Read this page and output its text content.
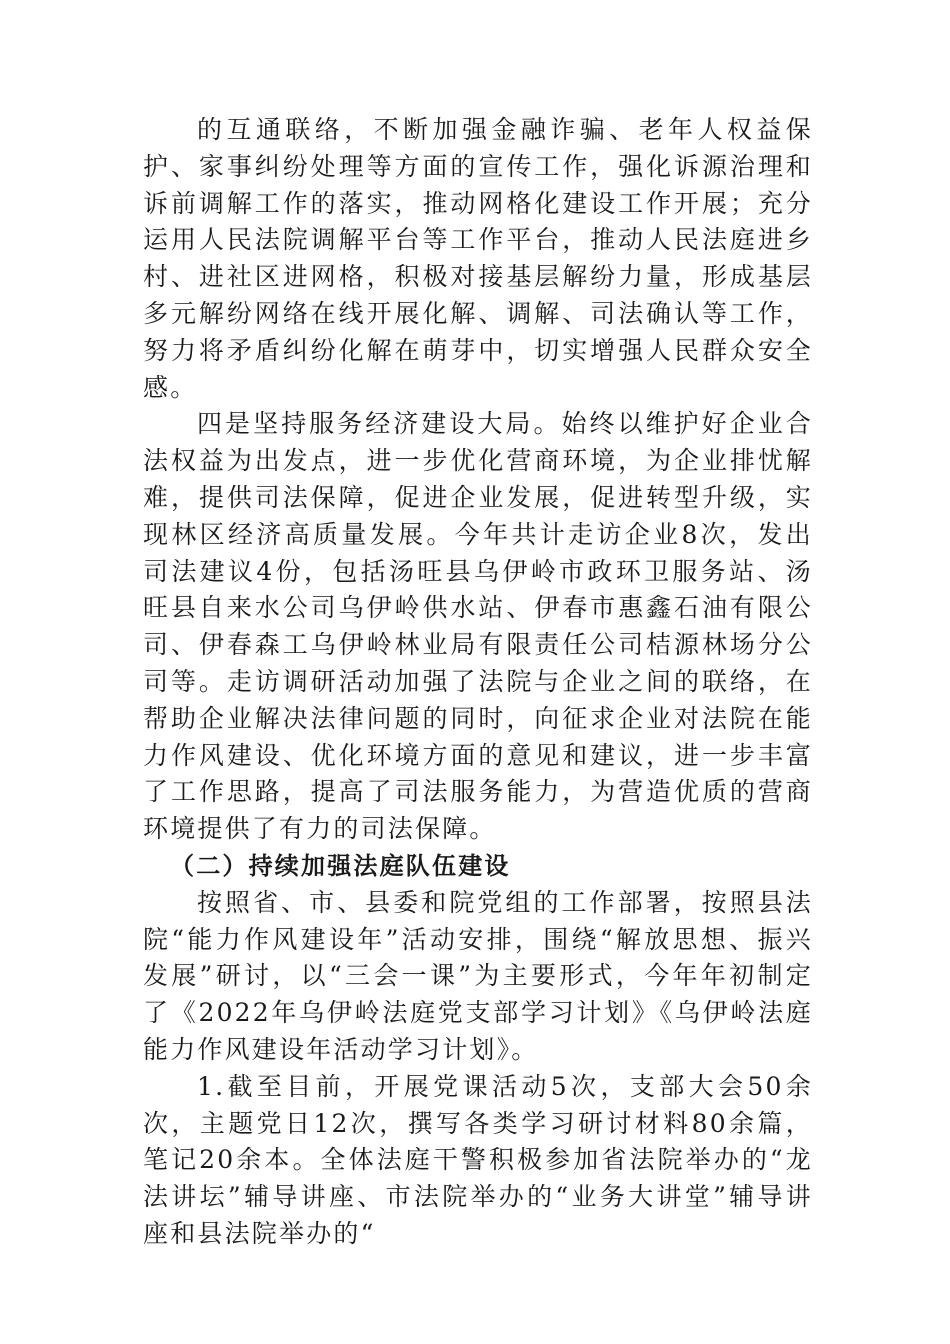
的互通联络，不断加强金融诈骗、老年人权益保护、家事纠纷处理等方面的宣传工作，强化诉源治理和诉前调解工作的落实，推动网格化建设工作开展；充分运用人民法院调解平台等工作平台，推动人民法庭进乡村、进社区进网格，积极对接基层解纷力量，形成基层多元解纷网络在线开展化解、调解、司法确认等工作，努力将矛盾纠纷化解在萌芽中，切实增强人民群众安全感。

四是坚持服务经济建设大局。始终以维护好企业合法权益为出发点，进一步优化营商环境，为企业排忧解难，提供司法保障，促进企业发展，促进转型升级，实现林区经济高质量发展。今年共计走访企业8次，发出司法建议4份，包括汤旺县乌伊岭市政环卫服务站、汤旺县自来水公司乌伊岭供水站、伊春市惠鑫石油有限公司、伊春森工乌伊岭林业局有限责任公司桔源林场分公司等。走访调研活动加强了法院与企业之间的联络，在帮助企业解决法律问题的同时，向征求企业对法院在能力作风建设、优化环境方面的意见和建议，进一步丰富了工作思路，提高了司法服务能力，为营造优质的营商环境提供了有力的司法保障。

（二）持续加强法庭队伍建设

按照省、市、县委和院党组的工作部署，按照县法院“能力作风建设年”活动安排，围绕“解放思想、振兴发展”研讨，以“三会一课”为主要形式，今年年初制定了《2022年乌伊岭法庭党支部学习计划》《乌伊岭法庭能力作风建设年活动学习计划》。

1.截至目前，开展党课活动5次，支部大会50余次，主题党日12次，撰写各类学习研讨材料80余篇，笔记20余本。全体法庭干警积极参加省法院举办的“龙法讲坛”辅导讲座、市法院举办的“业务大讲堂”辅导讲座和县法院举办的“
